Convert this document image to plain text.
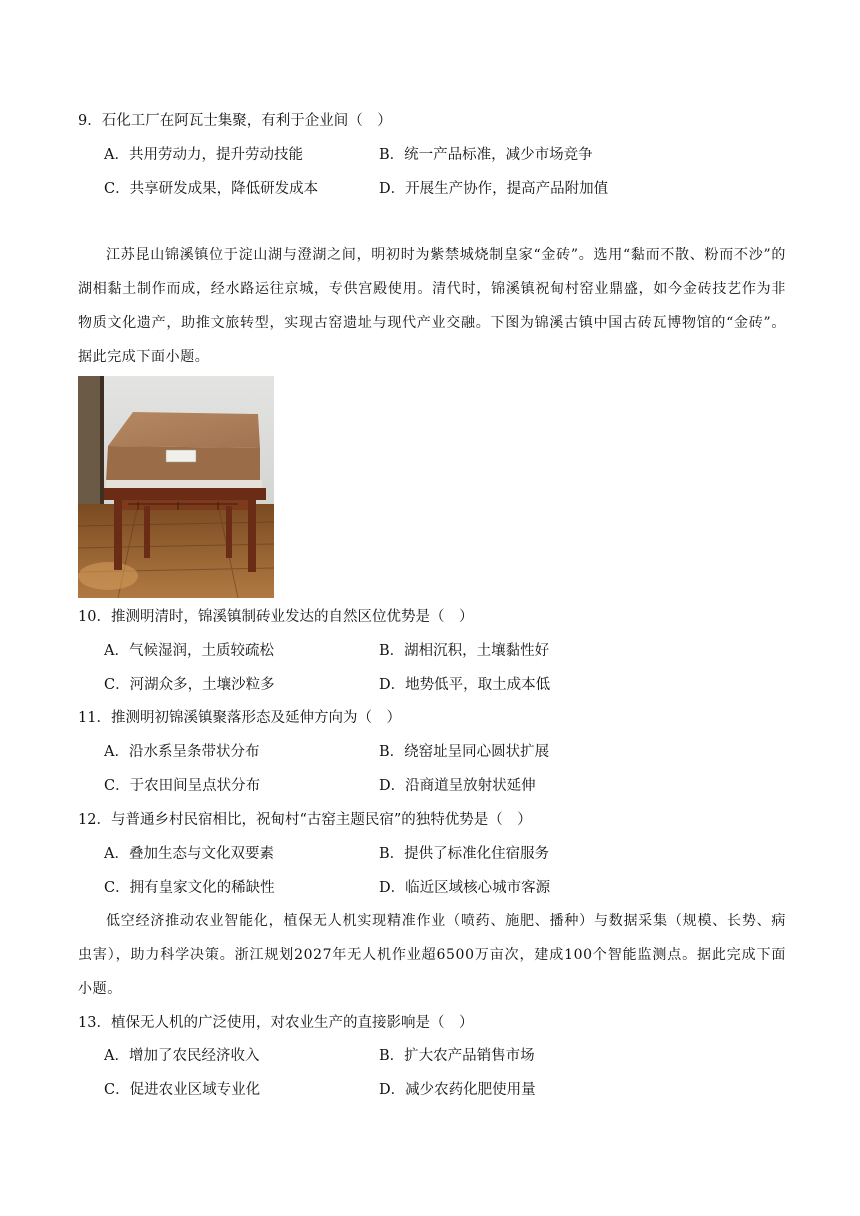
9．石化工厂在阿瓦士集聚，有利于企业间（　）
A．共用劳动力，提升劳动技能	B．统一产品标准，减少市场竞争
C．共享研发成果，降低研发成本	D．开展生产协作，提高产品附加值
江苏昆山锦溪镇位于淀山湖与澄湖之间，明初时为紫禁城烧制皇家“金砖”。选用“黏而不散、粉而不沙”的湖相黏土制作而成，经水路运往京城，专供宫殿使用。清代时，锦溪镇祝甸村窑业鼎盛，如今金砖技艺作为非物质文化遗产，助推文旅转型，实现古窑遗址与现代产业交融。下图为锦溪古镇中国古砖瓦博物馆的“金砖”。据此完成下面小题。
10．推测明清时，锦溪镇制砖业发达的自然区位优势是（　）
A．气候湿润，土质较疏松	B．湖相沉积，土壤黏性好
C．河湖众多，土壤沙粒多	D．地势低平，取土成本低
11．推测明初锦溪镇聚落形态及延伸方向为（　）
A．沿水系呈条带状分布	B．绕窑址呈同心圆状扩展
C．于农田间呈点状分布	D．沿商道呈放射状延伸
12．与普通乡村民宿相比，祝甸村“古窑主题民宿”的独特优势是（　）
A．叠加生态与文化双要素	B．提供了标准化住宿服务
C．拥有皇家文化的稀缺性	D．临近区域核心城市客源
低空经济推动农业智能化，植保无人机实现精准作业（喷药、施肥、播种）与数据采集（规模、长势、病虫害），助力科学决策。浙江规划2027年无人机作业超6500万亩次，建成100个智能监测点。据此完成下面小题。
13．植保无人机的广泛使用，对农业生产的直接影响是（　）
A．增加了农民经济收入	B．扩大农产品销售市场
C．促进农业区域专业化	D．减少农药化肥使用量
